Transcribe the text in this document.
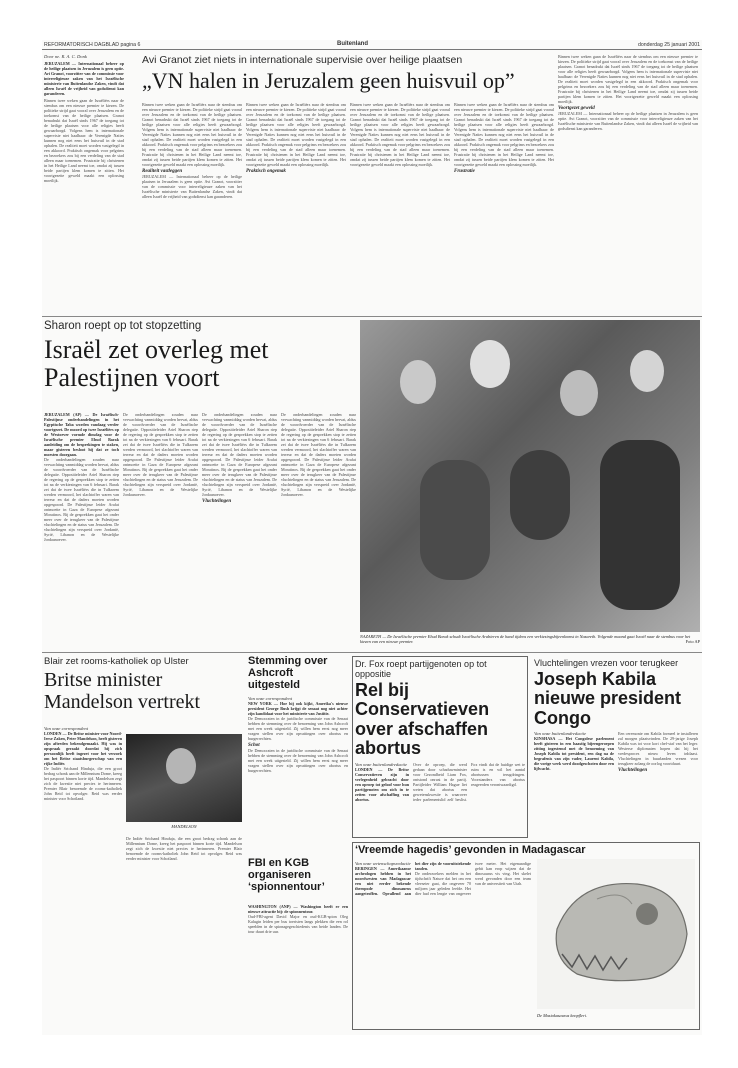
REFORMATORISCH DAGBLAD pagina 6	Buitenland	donderdag 25 januari 2001
Door ne. R. A. C. Donk
JERUZALEM — Internationaal beheer op de heilige plaatsen in Jeruzalem is geen optie. Avi Granot, voorzitter van de commissie voor interreligieuze zaken van het Israëlische ministerie van Buitenlandse Zaken, vindt dat alleen Israël de vrijheid van godsdienst kan garanderen.
Binnen twee weken gaan de Israëliërs naar de stembus om een nieuwe premier te kiezen. De politieke strijd gaat vooral over Jeruzalem en de toekomst van de heilige plaatsen. Granot benadrukt dat Israël sinds 1967 de toegang tot de heilige plaatsen voor alle religies heeft gewaarborgd. Volgens hem is internationale supervisie niet haalbaar: de Verenigde Naties kunnen nog niet eens het huisvuil in de stad ophalen. De realiteit moet worden vastgelegd in een akkoord. Praktisch ongemak voor pelgrims en bezoekers zou bij een verdeling van de stad alleen maar toenemen. Frustratie bij christenen in het Heilige Land neemt toe, omdat zij tussen beide partijen klem komen te zitten. Het voortgezette geweld maakt een oplossing moeilijk.
Avi Granot ziet niets in internationale supervisie over heilige plaatsen
„VN halen in Jeruzalem geen huisvuil op”
Binnen twee weken gaan de Israëliërs naar de stembus om een nieuwe premier te kiezen. De politieke strijd gaat vooral over Jeruzalem en de toekomst van de heilige plaatsen. Granot benadrukt dat Israël sinds 1967 de toegang tot de heilige plaatsen voor alle religies heeft gewaarborgd. Volgens hem is internationale supervisie niet haalbaar: de Verenigde Naties kunnen nog niet eens het huisvuil in de stad ophalen. De realiteit moet worden vastgelegd in een akkoord. Praktisch ongemak voor pelgrims en bezoekers zou bij een verdeling van de stad alleen maar toenemen. Frustratie bij christenen in het Heilige Land neemt toe, omdat zij tussen beide partijen klem komen te zitten. Het voortgezette geweld maakt een oplossing moeilijk.
Realiteit vastleggen
JERUZALEM — Internationaal beheer op de heilige plaatsen in Jeruzalem is geen optie. Avi Granot, voorzitter van de commissie voor interreligieuze zaken van het Israëlische ministerie van Buitenlandse Zaken, vindt dat alleen Israël de vrijheid van godsdienst kan garanderen.
Binnen twee weken gaan de Israëliërs naar de stembus om een nieuwe premier te kiezen. De politieke strijd gaat vooral over Jeruzalem en de toekomst van de heilige plaatsen. Granot benadrukt dat Israël sinds 1967 de toegang tot de heilige plaatsen voor alle religies heeft gewaarborgd. Volgens hem is internationale supervisie niet haalbaar: de Verenigde Naties kunnen nog niet eens het huisvuil in de stad ophalen. De realiteit moet worden vastgelegd in een akkoord. Praktisch ongemak voor pelgrims en bezoekers zou bij een verdeling van de stad alleen maar toenemen. Frustratie bij christenen in het Heilige Land neemt toe, omdat zij tussen beide partijen klem komen te zitten. Het voortgezette geweld maakt een oplossing moeilijk.
Praktisch ongemak
Binnen twee weken gaan de Israëliërs naar de stembus om een nieuwe premier te kiezen. De politieke strijd gaat vooral over Jeruzalem en de toekomst van de heilige plaatsen. Granot benadrukt dat Israël sinds 1967 de toegang tot de heilige plaatsen voor alle religies heeft gewaarborgd. Volgens hem is internationale supervisie niet haalbaar: de Verenigde Naties kunnen nog niet eens het huisvuil in de stad ophalen. De realiteit moet worden vastgelegd in een akkoord. Praktisch ongemak voor pelgrims en bezoekers zou bij een verdeling van de stad alleen maar toenemen. Frustratie bij christenen in het Heilige Land neemt toe, omdat zij tussen beide partijen klem komen te zitten. Het voortgezette geweld maakt een oplossing moeilijk.
Binnen twee weken gaan de Israëliërs naar de stembus om een nieuwe premier te kiezen. De politieke strijd gaat vooral over Jeruzalem en de toekomst van de heilige plaatsen. Granot benadrukt dat Israël sinds 1967 de toegang tot de heilige plaatsen voor alle religies heeft gewaarborgd. Volgens hem is internationale supervisie niet haalbaar: de Verenigde Naties kunnen nog niet eens het huisvuil in de stad ophalen. De realiteit moet worden vastgelegd in een akkoord. Praktisch ongemak voor pelgrims en bezoekers zou bij een verdeling van de stad alleen maar toenemen. Frustratie bij christenen in het Heilige Land neemt toe, omdat zij tussen beide partijen klem komen te zitten. Het voortgezette geweld maakt een oplossing moeilijk.
Frustratie
Binnen twee weken gaan de Israëliërs naar de stembus om een nieuwe premier te kiezen. De politieke strijd gaat vooral over Jeruzalem en de toekomst van de heilige plaatsen. Granot benadrukt dat Israël sinds 1967 de toegang tot de heilige plaatsen voor alle religies heeft gewaarborgd. Volgens hem is internationale supervisie niet haalbaar: de Verenigde Naties kunnen nog niet eens het huisvuil in de stad ophalen. De realiteit moet worden vastgelegd in een akkoord. Praktisch ongemak voor pelgrims en bezoekers zou bij een verdeling van de stad alleen maar toenemen. Frustratie bij christenen in het Heilige Land neemt toe, omdat zij tussen beide partijen klem komen te zitten. Het voortgezette geweld maakt een oplossing moeilijk.
Voortgezet geweld
JERUZALEM — Internationaal beheer op de heilige plaatsen in Jeruzalem is geen optie. Avi Granot, voorzitter van de commissie voor interreligieuze zaken van het Israëlische ministerie van Buitenlandse Zaken, vindt dat alleen Israël de vrijheid van godsdienst kan garanderen.
Sharon roept op tot stopzetting
Israël zet overleg met Palestijnen voort
JERUZALEM (AP) — De Israëlisch-Palestijnse onderhandelingen in het Egyptische Taba worden vandaag verder voortgezet. De moord op twee Israëliërs op de Westoever vormde dinsdag voor de Israëlische premier Ehud Barak aanleiding om de besprekingen te staken, maar gisteren besloot hij dat ze toch moesten doorgaan.
De onderhandelingen zouden naar verwachting vanmiddag worden hervat, aldus de woordvoerder van de Israëlische delegatie. Oppositieleider Ariel Sharon riep de regering op de gesprekken stop te zetten tot na de verkiezingen van 6 februari. Barak zei dat de twee Israëliërs die in Tulkarem werden vermoord, het slachtoffer waren van terreur en dat de daders moeten worden opgespoord. De Palestijnse leider Arafat ontmoette in Gaza de Europese afgezant Moratinos. Bij de gesprekken gaat het onder meer over de terugkeer van de Palestijnse vluchtelingen en de status van Jeruzalem. De vluchtelingen zijn verspreid over Jordanië, Syrië, Libanon en de Westelijke Jordaanoever.
De onderhandelingen zouden naar verwachting vanmiddag worden hervat, aldus de woordvoerder van de Israëlische delegatie. Oppositieleider Ariel Sharon riep de regering op de gesprekken stop te zetten tot na de verkiezingen van 6 februari. Barak zei dat de twee Israëliërs die in Tulkarem werden vermoord, het slachtoffer waren van terreur en dat de daders moeten worden opgespoord. De Palestijnse leider Arafat ontmoette in Gaza de Europese afgezant Moratinos. Bij de gesprekken gaat het onder meer over de terugkeer van de Palestijnse vluchtelingen en de status van Jeruzalem. De vluchtelingen zijn verspreid over Jordanië, Syrië, Libanon en de Westelijke Jordaanoever.
De onderhandelingen zouden naar verwachting vanmiddag worden hervat, aldus de woordvoerder van de Israëlische delegatie. Oppositieleider Ariel Sharon riep de regering op de gesprekken stop te zetten tot na de verkiezingen van 6 februari. Barak zei dat de twee Israëliërs die in Tulkarem werden vermoord, het slachtoffer waren van terreur en dat de daders moeten worden opgespoord. De Palestijnse leider Arafat ontmoette in Gaza de Europese afgezant Moratinos. Bij de gesprekken gaat het onder meer over de terugkeer van de Palestijnse vluchtelingen en de status van Jeruzalem. De vluchtelingen zijn verspreid over Jordanië, Syrië, Libanon en de Westelijke Jordaanoever.
Vluchtelingen
De onderhandelingen zouden naar verwachting vanmiddag worden hervat, aldus de woordvoerder van de Israëlische delegatie. Oppositieleider Ariel Sharon riep de regering op de gesprekken stop te zetten tot na de verkiezingen van 6 februari. Barak zei dat de twee Israëliërs die in Tulkarem werden vermoord, het slachtoffer waren van terreur en dat de daders moeten worden opgespoord. De Palestijnse leider Arafat ontmoette in Gaza de Europese afgezant Moratinos. Bij de gesprekken gaat het onder meer over de terugkeer van de Palestijnse vluchtelingen en de status van Jeruzalem. De vluchtelingen zijn verspreid over Jordanië, Syrië, Libanon en de Westelijke Jordaanoever.
NAZARETH — De Israëlische premier Ehud Barak schudt Israëlische Arabieren de hand tijdens een verkiezingsbijeenkomst in Nazareth. Volgende maand gaat Israël naar de stembus voor het kiezen van een nieuwe premier.	Foto AP
Blair zet rooms-katholiek op Ulster
Britse minister Mandelson vertrekt
Van onze correspondent
LONDEN — De Britse minister voor Noord-Ierse Zaken, Peter Mandelson, heeft gisteren zijn aftreden bekendgemaakt. Hij was in opspraak geraakt doordat hij zich persoonlijk heeft ingezet voor het verzoek om het Britse staatsburgerschap van een rijke Indiër.
De Indiër Srichand Hinduja, die een groot bedrag schonk aan de Millennium Dome, kreeg het paspoort binnen korte tijd. Mandelson zegt zich de kwestie niet precies te herinneren. Premier Blair benoemde de rooms-katholiek John Reid tot opvolger. Reid was eerder minister voor Schotland.
MANDELSON
De Indiër Srichand Hinduja, die een groot bedrag schonk aan de Millennium Dome, kreeg het paspoort binnen korte tijd. Mandelson zegt zich de kwestie niet precies te herinneren. Premier Blair benoemde de rooms-katholiek John Reid tot opvolger. Reid was eerder minister voor Schotland.
Stemming over Ashcroft uitgesteld
Van onze correspondent
NEW YORK — Hoe hij ook kijkt, Amerika's nieuwe president George Bush krijgt de senaat nog niet achter zijn kandidaat voor het ministerie van Justitie.
De Democraten in de juridische commissie van de Senaat hebben de stemming over de benoeming van John Ashcroft met een week uitgesteld. Zij willen hem eerst nog meer vragen stellen over zijn opvattingen over abortus en burgerrechten.
Schot
De Democraten in de juridische commissie van de Senaat hebben de stemming over de benoeming van John Ashcroft met een week uitgesteld. Zij willen hem eerst nog meer vragen stellen over zijn opvattingen over abortus en burgerrechten.
FBI en KGB organiseren ‘spionnentour’
WASHINGTON (ANP) — Washington heeft er een nieuwe attractie bij: de spionnentour.
Oud-FBI-agent David Major en oud-KGB-spion Oleg Kalugin leiden per bus toeristen langs plekken die een rol speelden in de spionagegeschiedenis van beide landen. De tour duurt drie uur.
Dr. Fox roept partijgenoten op tot oppositie
Rel bij Conservatieven over afschaffen abortus
Van onze buitenlandredactie
LONDEN — De Britse Conservatieven zijn in verlegenheid gebracht door een oproep tot geloof voor hun partijgenoten om zich in te zetten voor afschaffing van abortus.
Over de oproep, die werd gedaan door schaduwminister voor Gezondheid Liam Fox, ontstond onrust in de partij. Partijleider William Hague liet weten dat abortus een gewetenskwestie is waarover ieder parlementslid zelf beslist. Fox vindt dat de huidige wet te ruim is en wil het aantal abortussen terugdringen. Voorstanders van abortus reageerden verontwaardigd.
Vluchtelingen vrezen voor terugkeer
Joseph Kabila nieuwe president Congo
Van onze buitenlandredactie
KINSHASA — Het Congolese parlement heeft gisteren in een haastig bijeengeroepen zitting ingestemd met de benoeming van Joseph Kabila tot president, een dag na de begrafenis van zijn vader, Laurent Kabila, die vorige week werd doodgeschoten door een lijfwacht.
Een ceremonie om Kabila formeel te installeren zal morgen plaatsvinden. De 29-jarige Joseph Kabila was tot voor kort chef-staf van het leger. Westerse diplomaten hopen dat hij het vredesproces nieuw leven inblaast. Vluchtelingen in buurlanden vrezen voor terugkeer zolang de oorlog voortduurt.
Vluchtelingen
‘Vreemde hagedis’ gevonden in Madagascar
Van onze wetenschapsredactie
BERINGEN — Amerikaanse archeologen hebben in het noordwesten van Madagascar een niet eerder bekende theropode dinosaurus aangetroffen. Opvallend aan het dier zijn de vooruitstekende tanden.
De onderzoekers melden in het tijdschrift Nature dat het om een vleeseter gaat, die ongeveer 70 miljoen jaar geleden leefde. Het dier had een lengte van ongeveer twee meter. Het eigenaardige gebit kan erop wijzen dat de dinosaurus vis ving. Het skelet werd gevonden door een team van de universiteit van Utah.
De Masiakasaurus knopfleri.
